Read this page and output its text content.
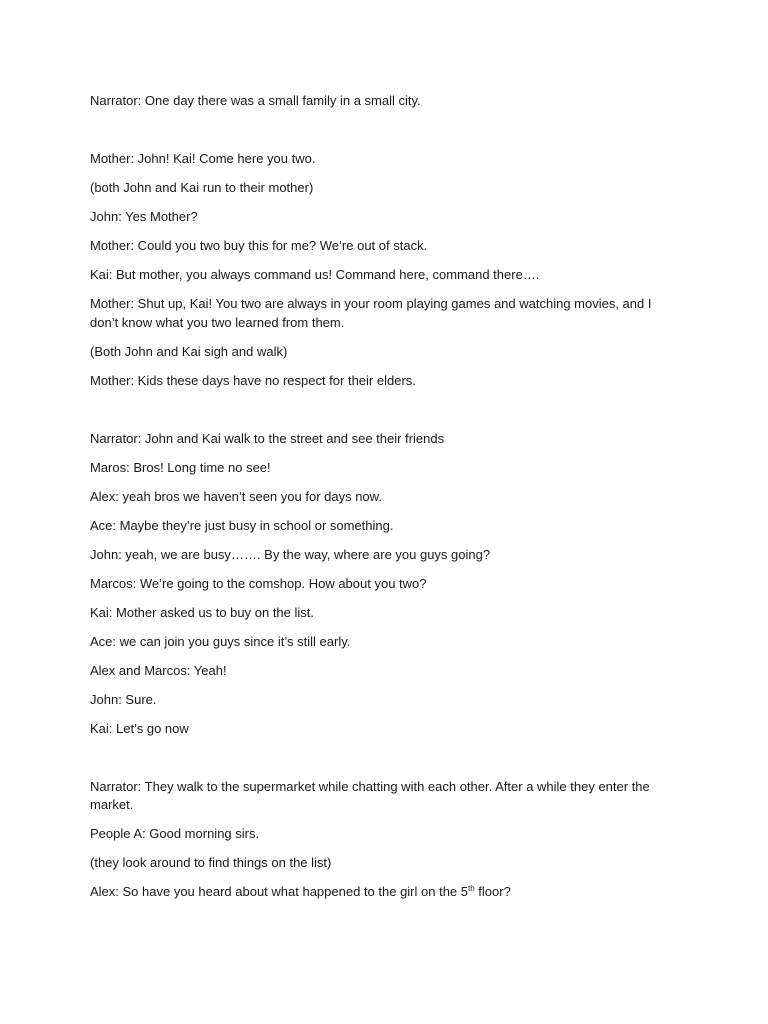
Narrator: One day there was a small family in a small city.

Mother: John! Kai! Come here you two.

(both John and Kai run to their mother)

John: Yes Mother?

Mother: Could you two buy this for me? We’re out of stack.

Kai: But mother, you always command us! Command here, command there….

Mother: Shut up, Kai! You two are always in your room playing games and watching movies, and I don’t know what you two learned from them.

(Both John and Kai sigh and walk)

Mother: Kids these days have no respect for their elders.

Narrator: John and Kai walk to the street and see their friends

Maros: Bros! Long time no see!

Alex: yeah bros we haven’t seen you for days now.

Ace: Maybe they’re just busy in school or something.

John: yeah, we are busy……. By the way, where are you guys going?

Marcos: We’re going to the comshop. How about you two?

Kai: Mother asked us to buy on the list.

Ace: we can join you guys since it’s still early.

Alex and Marcos: Yeah!

John: Sure.

Kai: Let’s go now

Narrator: They walk to the supermarket while chatting with each other. After a while they enter the market.

People A: Good morning sirs.

(they look around to find things on the list)

Alex: So have you heard about what happened to the girl on the 5th floor?
